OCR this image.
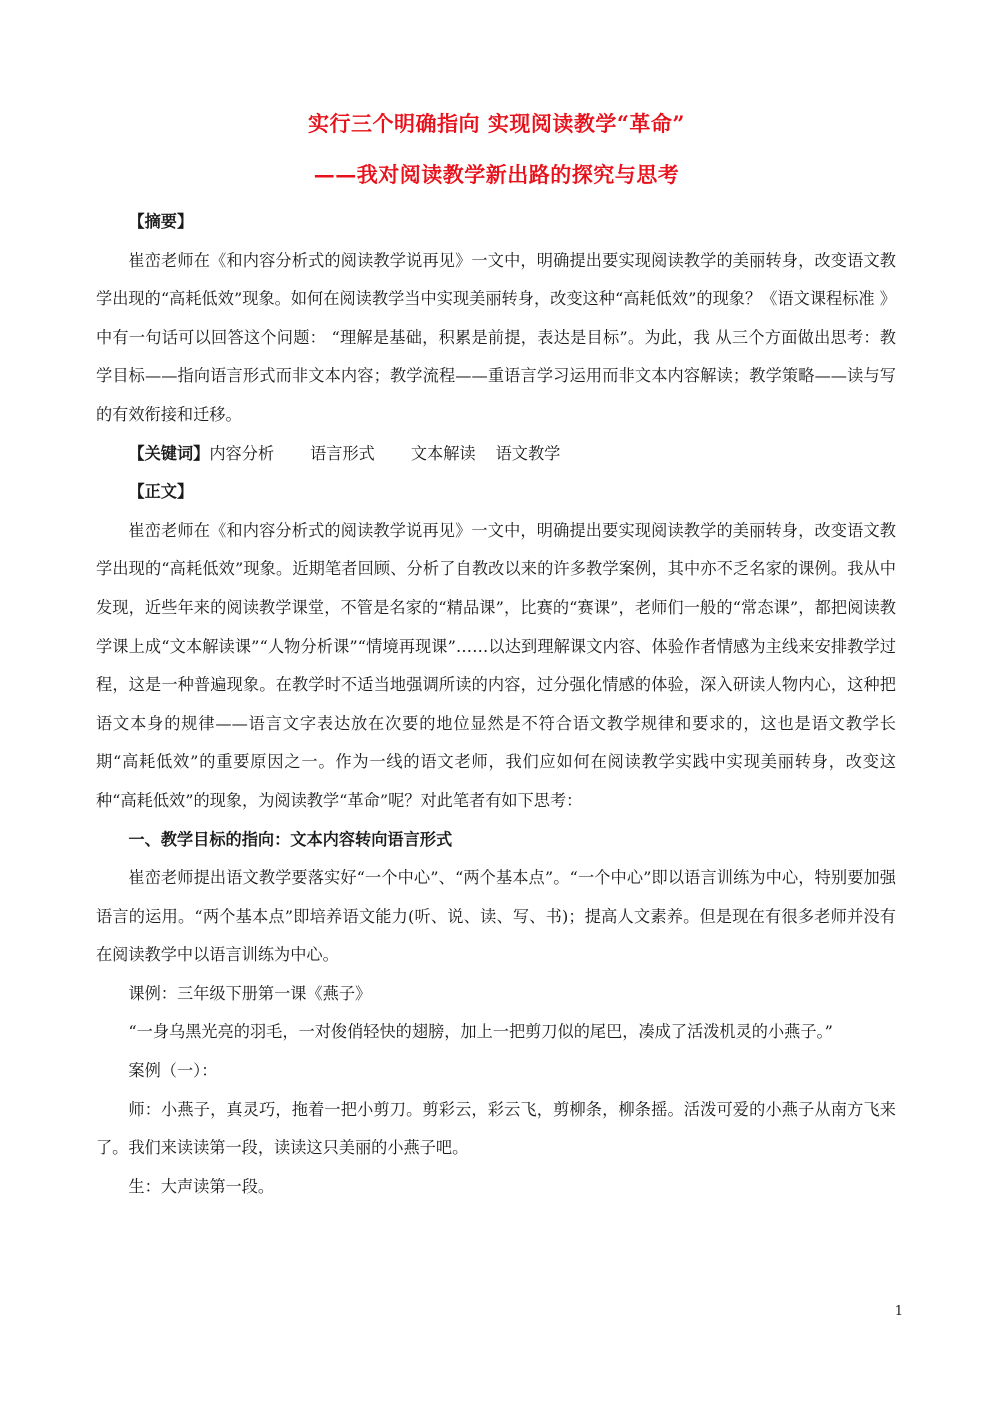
实行三个明确指向 实现阅读教学“革命”
——我对阅读教学新出路的探究与思考

【摘要】

崔峦老师在《和内容分析式的阅读教学说再见》一文中，明确提出要实现阅读教学的美丽转身，改变语文教学出现的“高耗低效”现象。如何在阅读教学当中实现美丽转身，改变这种“高耗低效”的现象？《语文课程标准 》中有一句话可以回答这个问题： “理解是基础，积累是前提，表达是目标”。为此，我 从三个方面做出思考：教学目标——指向语言形式而非文本内容；教学流程——重语言学习运用而非文本内容解读；教学策略——读与写的有效衔接和迁移。

【关键词】内容分析 语言形式 文本解读 语文教学

【正文】

崔峦老师在《和内容分析式的阅读教学说再见》一文中，明确提出要实现阅读教学的美丽转身，改变语文教学出现的“高耗低效”现象。近期笔者回顾、分析了自教改以来的许多教学案例，其中亦不乏名家的课例。我从中发现，近些年来的阅读教学课堂，不管是名家的“精品课”，比赛的“赛课”，老师们一般的“常态课”，都把阅读教学课上成“文本解读课”“人物分析课”“情境再现课”……以达到理解课文内容、体验作者情感为主线来安排教学过程，这是一种普遍现象。在教学时不适当地强调所读的内容，过分强化情感的体验，深入研读人物内心，这种把语文本身的规律——语言文字表达放在次要的地位显然是不符合语文教学规律和要求的，这也是语文教学长期“高耗低效”的重要原因之一。作为一线的语文老师，我们应如何在阅读教学实践中实现美丽转身，改变这种“高耗低效”的现象，为阅读教学“革命”呢？对此笔者有如下思考：

一、教学目标的指向：文本内容转向语言形式

崔峦老师提出语文教学要落实好“一个中心”、“两个基本点”。“一个中心”即以语言训练为中心，特别要加强语言的运用。“两个基本点”即培养语文能力(听、说、读、写、书)；提高人文素养。但是现在有很多老师并没有在阅读教学中以语言训练为中心。

课例：三年级下册第一课《燕子》

“一身乌黑光亮的羽毛，一对俊俏轻快的翅膀，加上一把剪刀似的尾巴，凑成了活泼机灵的小燕子。”

案例（一）：

师：小燕子，真灵巧，拖着一把小剪刀。剪彩云，彩云飞，剪柳条，柳条摇。活泼可爱的小燕子从南方飞来了。我们来读读第一段，读读这只美丽的小燕子吧。

生：大声读第一段。

1
